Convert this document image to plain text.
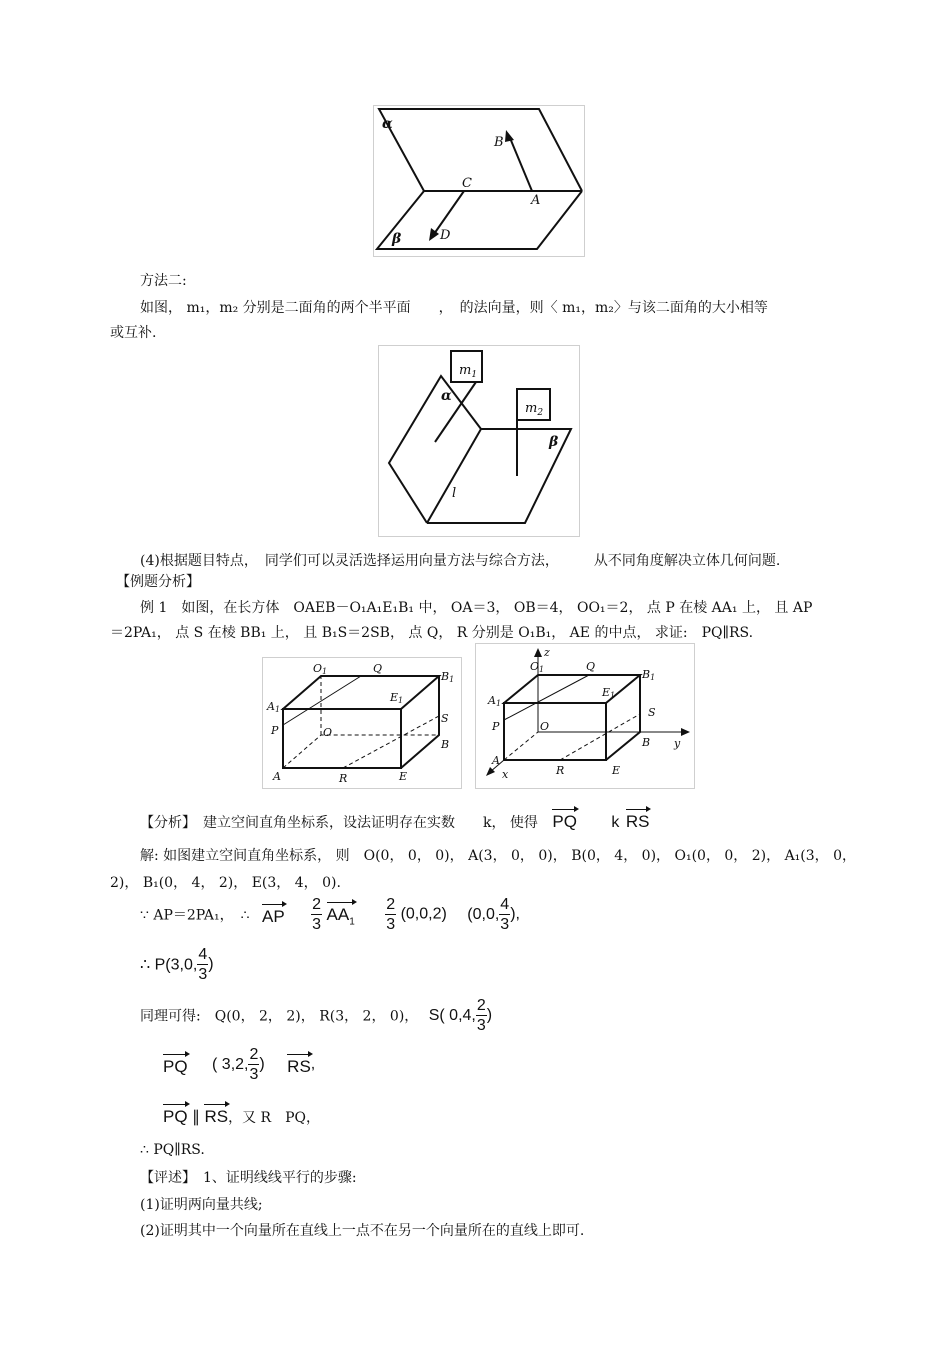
α
B
C
A
β	D
方法二:
如图， m₁，m₂ 分别是二面角的两个半平面　　，　的法向量，则〈 m₁，m₂〉与该二面角的大小相等
或互补.
$m_1$
$m_2$
α
β
l
(4)根据题目特点，　同学们可以灵活选择运用向量方法与综合方法，　　　从不同角度解决立体几何问题.
【例题分析】
例 1　如图，在长方体　OAEB－O₁A₁E₁B₁ 中， OA＝3， OB＝4， OO₁＝2， 点 P 在棱 AA₁ 上， 且 AP
＝2PA₁， 点 S 在棱 BB₁ 上， 且 B₁S＝2SB， 点 Q， R 分别是 O₁B₁， AE 的中点， 求证:　PQ∥RS.
O1	Q
B1
E1
A1
P	O
S
B
A	R	E
z
y
x
O1	Q
B1
E1
A1
P	O
S
B
A
R	E
【分析】　建立空间直角坐标系，设法证明存在实数　　k， 使得 PQ k RS
解: 如图建立空间直角坐标系， 则　O(0， 0， 0)， A(3， 0， 0)， B(0， 4， 0)， O₁(0， 0， 2)， A₁(3， 0，
2)， B₁(0， 4， 2)， E(3， 4， 0).
∵ AP＝2PA₁，　∴ AP $\frac{2}{3} AA_1 \frac{2}{3} (0,0,2)$ (0,0, $\frac{4}{3}$ ),
∴ P(3,0, $\frac{4}{3}$ )
同理可得:　Q(0， 2， 2)， R(3， 2， 0)， S( 0,4, $\frac{2}{3}$ )
PQ ( 3,2, $\frac{2}{3}$ ) RS,
PQ ∥ RS，又 R　PQ，
∴ PQ∥RS.
【评述】　1、证明线线平行的步骤:
(1)证明两向量共线;
(2)证明其中一个向量所在直线上一点不在另一个向量所在的直线上即可.
